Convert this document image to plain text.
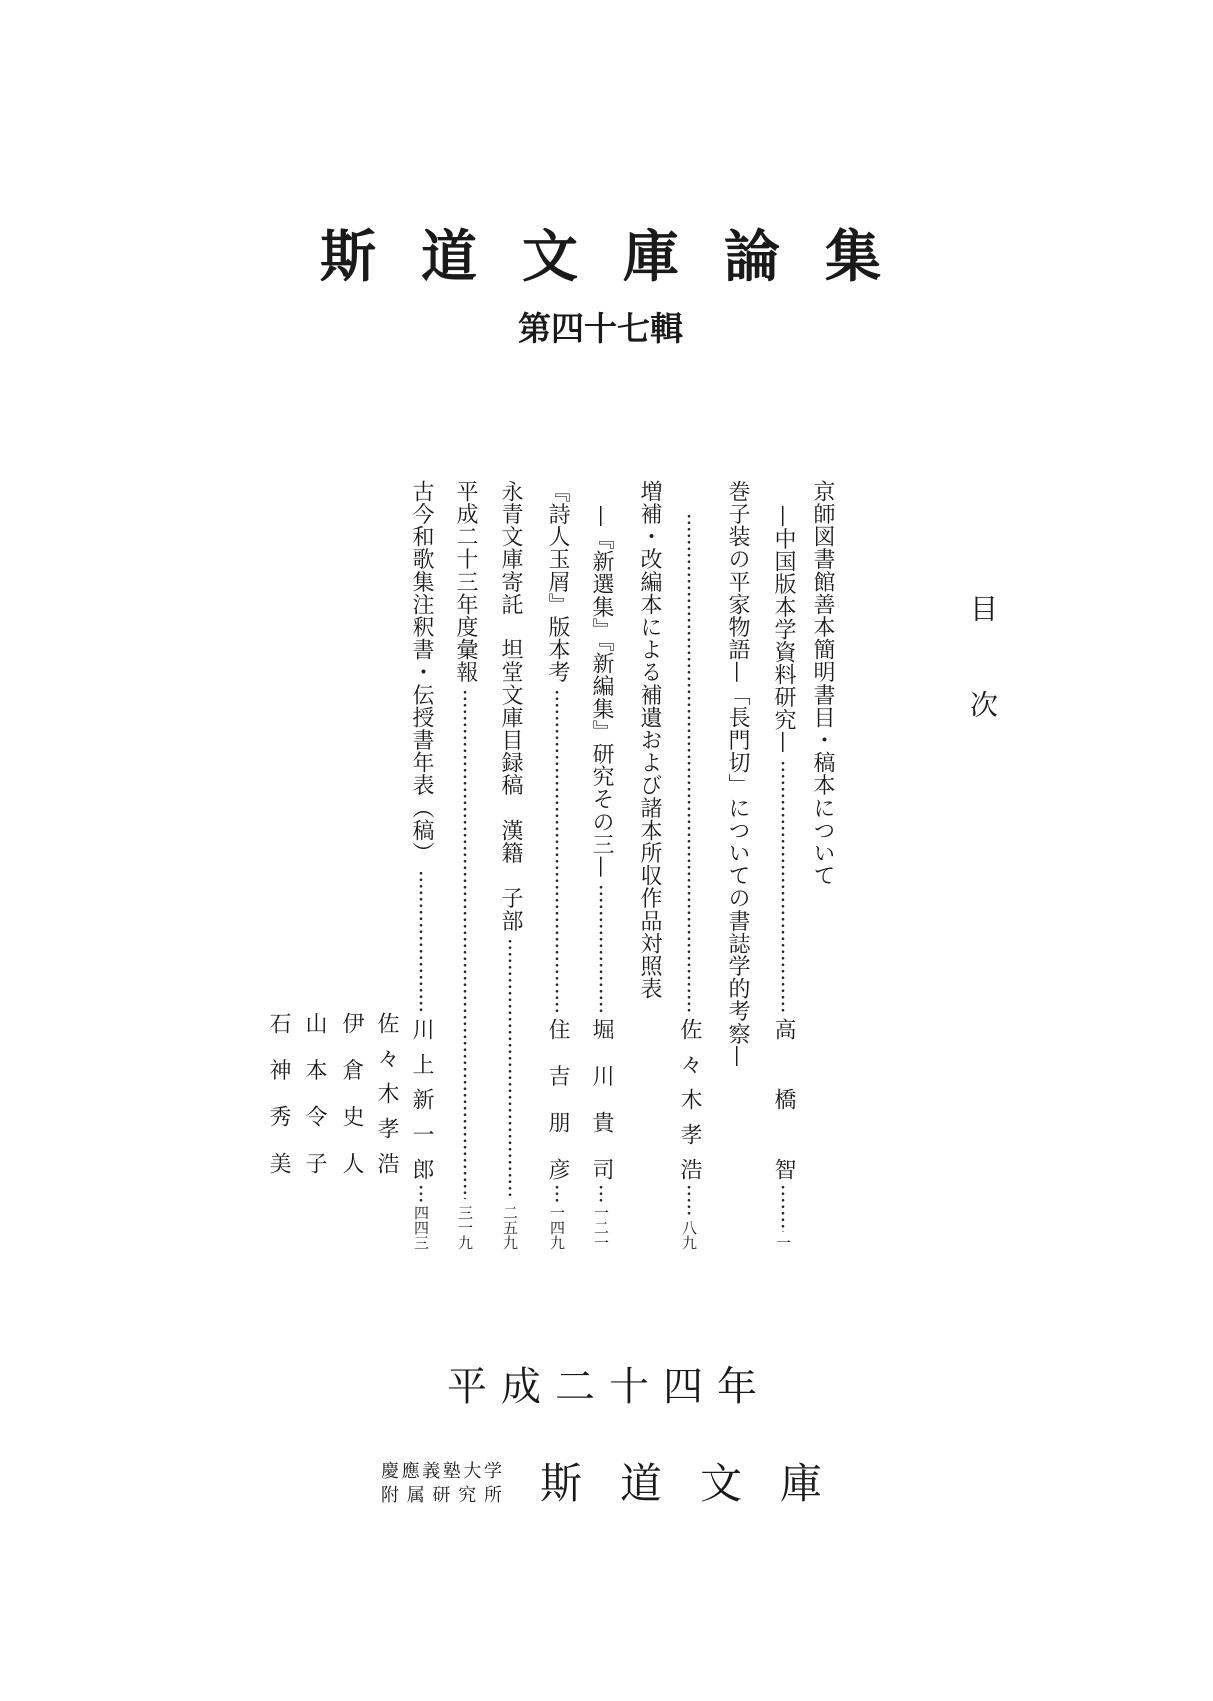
斯道文庫論集
第四十七輯
目次
京師図書館善本簡明書目・稿本について
—中国版本学資料研究—
高橋智
一
巻子装の平家物語—「長門切」についての書誌学的考察—
佐々木孝浩
八九
増補・改編本による補遺および諸本所収作品対照表
—『新選集』『新編集』研究その三—
堀川貴司
一二一
『詩人玉屑』版本考
住吉朋彦
一四九
永青文庫寄託　坦堂文庫目録稿　漢籍　子部
二五九
平成二十三年度彙報
三一九
古今和歌集注釈書・伝授書年表（稿）
川上新一郎
四四三
佐々木孝浩
伊倉史人
山本令子
石神秀美
平成二十四年
慶應義塾大学
附属研究所 斯道文庫
